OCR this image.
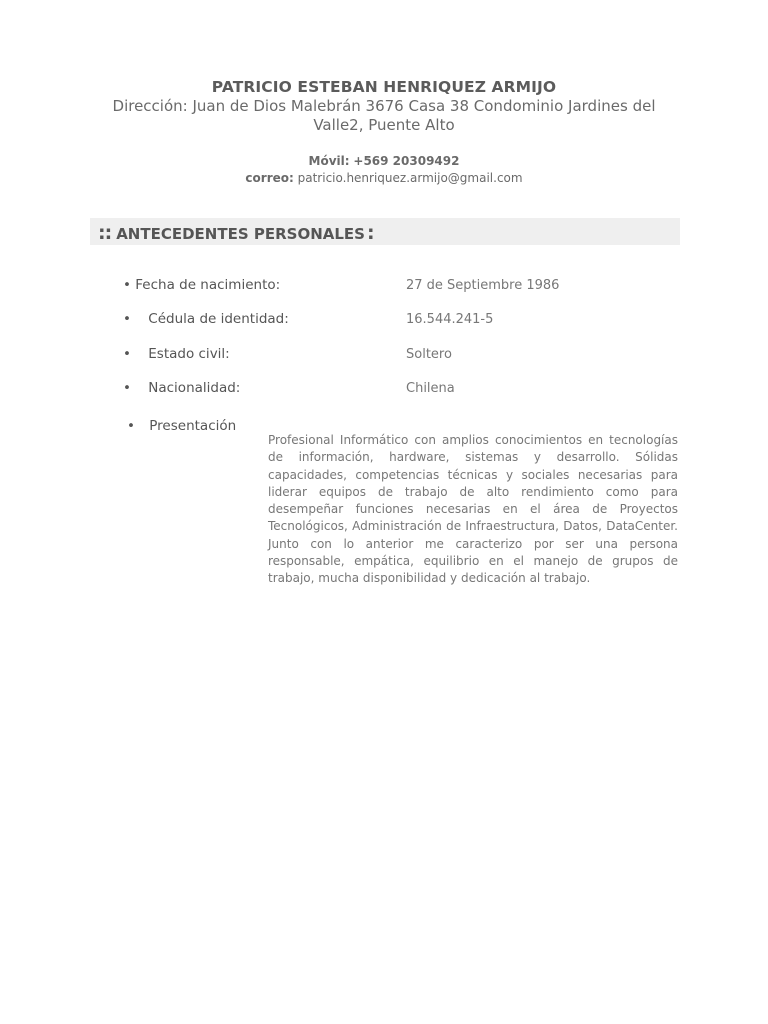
PATRICIO ESTEBAN HENRIQUEZ ARMIJO
Dirección: Juan de Dios Malebrán 3676 Casa 38 Condominio Jardines del Valle2, Puente Alto
Móvil: +569 20309492
correo: patricio.henriquez.armijo@gmail.com
:: ANTECEDENTES PERSONALES :
• Fecha de nacimiento:	27 de Septiembre 1986
• Cédula de identidad:	16.544.241-5
• Estado civil:	Soltero
• Nacionalidad:	Chilena
• Presentación
Profesional Informático con amplios conocimientos en tecnologías de información, hardware, sistemas y desarrollo. Sólidas capacidades, competencias técnicas y sociales necesarias para liderar equipos de trabajo de alto rendimiento como para desempeñar funciones necesarias en el área de Proyectos Tecnológicos, Administración de Infraestructura, Datos, DataCenter. Junto con lo anterior me caracterizo por ser una persona responsable, empática, equilibrio en el manejo de grupos de trabajo, mucha disponibilidad y dedicación al trabajo.
